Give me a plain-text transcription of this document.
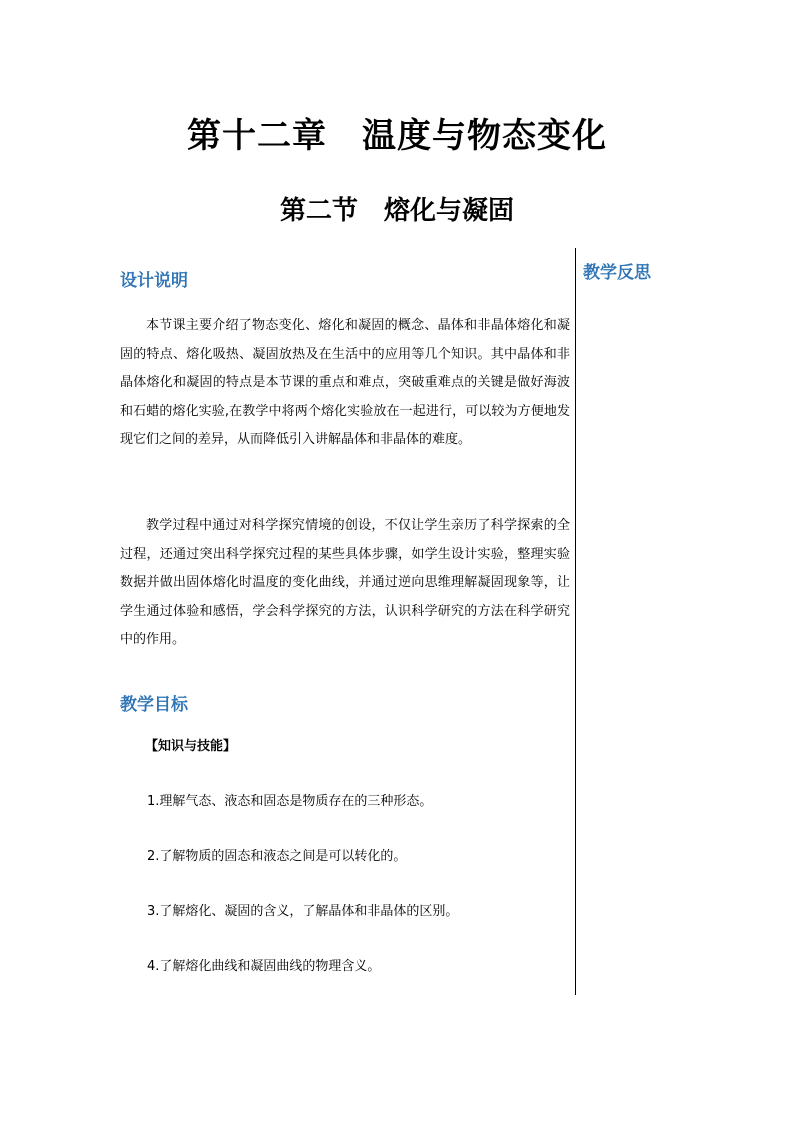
第十二章　温度与物态变化
第二节　熔化与凝固
教学反思
设计说明
本节课主要介绍了物态变化、熔化和凝固的概念、晶体和非晶体熔化和凝固的特点、熔化吸热、凝固放热及在生活中的应用等几个知识。其中晶体和非晶体熔化和凝固的特点是本节课的重点和难点，突破重难点的关键是做好海波和石蜡的熔化实验,在教学中将两个熔化实验放在一起进行，可以较为方便地发现它们之间的差异，从而降低引入讲解晶体和非晶体的难度。
教学过程中通过对科学探究情境的创设，不仅让学生亲历了科学探索的全过程，还通过突出科学探究过程的某些具体步骤，如学生设计实验，整理实验数据并做出固体熔化时温度的变化曲线，并通过逆向思维理解凝固现象等，让学生通过体验和感悟，学会科学探究的方法，认识科学研究的方法在科学研究中的作用。
教学目标
【知识与技能】
1.理解气态、液态和固态是物质存在的三种形态。
2.了解物质的固态和液态之间是可以转化的。
3.了解熔化、凝固的含义，了解晶体和非晶体的区别。
4.了解熔化曲线和凝固曲线的物理含义。
